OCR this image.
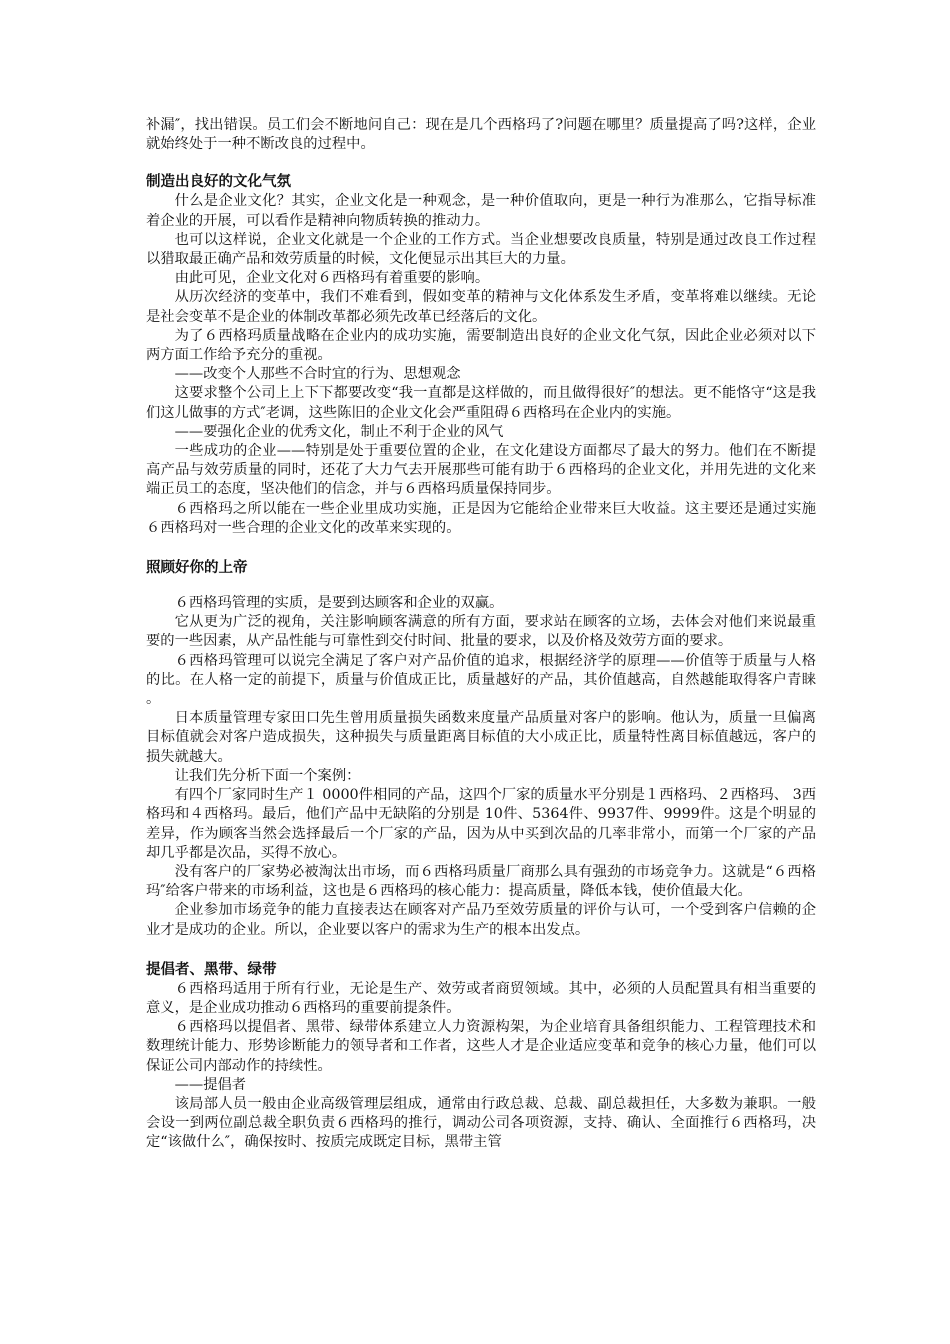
补漏″，找出错误。员工们会不断地问自己：现在是几个西格玛了?问题在哪里？质量提高了吗?这样，企业就始终处于一种不断改良的过程中。

制造出良好的文化气氛

什么是企业文化？其实，企业文化是一种观念，是一种价值取向，更是一种行为准那么，它指导标准着企业的开展，可以看作是精神向物质转换的推动力。

也可以这样说，企业文化就是一个企业的工作方式。当企业想要改良质量，特别是通过改良工作过程以猎取最正确产品和效劳质量的时候，文化便显示出其巨大的力量。

由此可见，企业文化对６西格玛有着重要的影响。

从历次经济的变革中，我们不难看到，假如变革的精神与文化体系发生矛盾，变革将难以继续。无论是社会变革不是企业的体制改革都必须先改革已经落后的文化。

为了６西格玛质量战略在企业内的成功实施，需要制造出良好的企业文化气氛，因此企业必须对以下两方面工作给予充分的重视。

——改变个人那些不合时宜的行为、思想观念

这要求整个公司上上下下都要改变“我一直都是这样做的，而且做得很好″的想法。更不能恪守“这是我们这儿做事的方式″老调，这些陈旧的企业文化会严重阻碍６西格玛在企业内的实施。

——要强化企业的优秀文化，制止不利于企业的风气

一些成功的企业——特别是处于重要位置的企业，在文化建设方面都尽了最大的努力。他们在不断提高产品与效劳质量的同时，还花了大力气去开展那些可能有助于６西格玛的企业文化，并用先进的文化来端正员工的态度，坚决他们的信念，并与６西格玛质量保持同步。

６西格玛之所以能在一些企业里成功实施，正是因为它能给企业带来巨大收益。这主要还是通过实施６西格玛对一些合理的企业文化的改革来实现的。

照顾好你的上帝

６西格玛管理的实质，是要到达顾客和企业的双赢。

它从更为广泛的视角，关注影响顾客满意的所有方面，要求站在顾客的立场，去体会对他们来说最重要的一些因素，从产品性能与可靠性到交付时间、批量的要求，以及价格及效劳方面的要求。

６西格玛管理可以说完全满足了客户对产品价值的追求，根据经济学的原理——价值等于质量与人格的比。在人格一定的前提下，质量与价值成正比，质量越好的产品，其价值越高，自然越能取得客户青睐。

日本质量管理专家田口先生曾用质量损失函数来度量产品质量对客户的影响。他认为，质量一旦偏离目标值就会对客户造成损失，这种损失与质量距离目标值的大小成正比，质量特性离目标值越远，客户的损失就越大。

让我们先分析下面一个案例：

有四个厂家同时生产１ 0000件相同的产品，这四个厂家的质量水平分别是１西格玛、２西格玛、 3西格玛和４西格玛。最后，他们产品中无缺陷的分别是 10件、5364件、9937件、9999件。这是个明显的差异，作为顾客当然会选择最后一个厂家的产品，因为从中买到次品的几率非常小，而第一个厂家的产品却几乎都是次品，买得不放心。

没有客户的厂家势必被淘汰出市场，而６西格玛质量厂商那么具有强劲的市场竞争力。这就是“６西格玛″给客户带来的市场利益，这也是６西格玛的核心能力：提高质量，降低本钱，使价值最大化。

企业参加市场竞争的能力直接表达在顾客对产品乃至效劳质量的评价与认可，一个受到客户信赖的企业才是成功的企业。所以，企业要以客户的需求为生产的根本出发点。

提倡者、黑带、绿带

６西格玛适用于所有行业，无论是生产、效劳或者商贸领域。其中，必须的人员配置具有相当重要的意义，是企业成功推动６西格玛的重要前提条件。

６西格玛以提倡者、黑带、绿带体系建立人力资源构架，为企业培育具备组织能力、工程管理技术和数理统计能力、形势诊断能力的领导者和工作者，这些人才是企业适应变革和竞争的核心力量，他们可以保证公司内部动作的持续性。

——提倡者

该局部人员一般由企业高级管理层组成，通常由行政总裁、总裁、副总裁担任，大多数为兼职。一般会设一到两位副总裁全职负责６西格玛的推行，调动公司各项资源，支持、确认、全面推行６西格玛，决定“该做什么″，确保按时、按质完成既定目标，黑带主管
